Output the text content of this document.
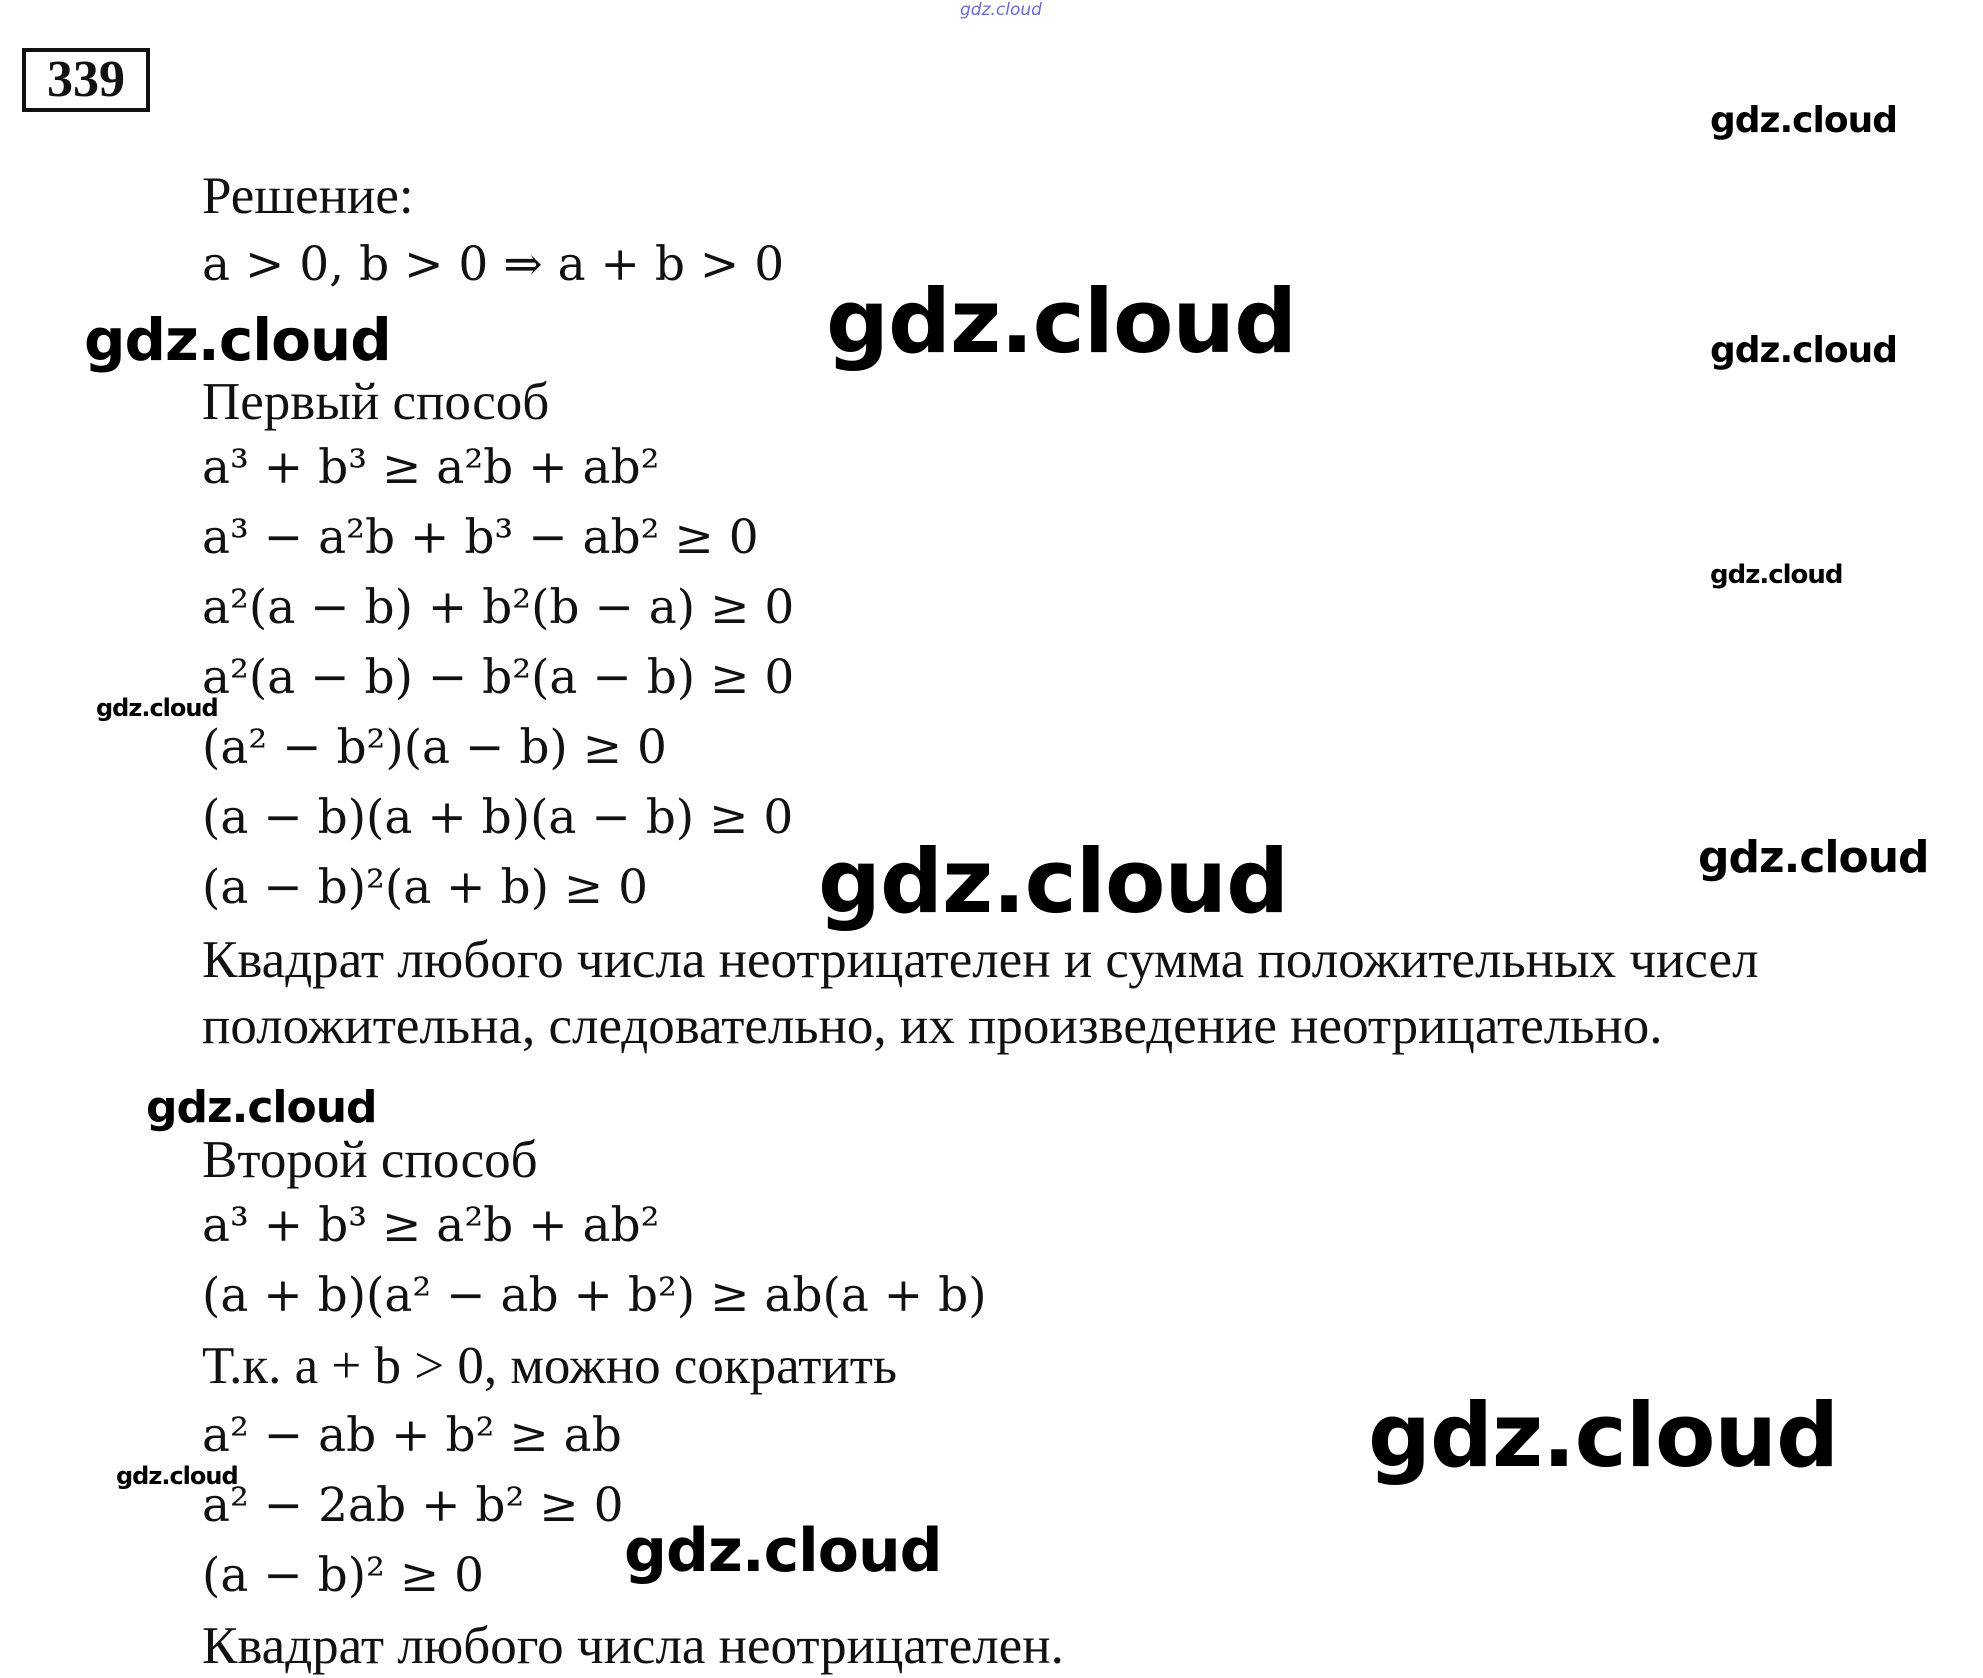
gdz.cloud
339
Решение:
a > 0, b > 0 ⇒ a + b > 0
Первый способ
a³ + b³ ≥ a²b + ab²
a³ − a²b + b³ − ab² ≥ 0
a²(a − b) + b²(b − a) ≥ 0
a²(a − b) − b²(a − b) ≥ 0
(a² − b²)(a − b) ≥ 0
(a − b)(a + b)(a − b) ≥ 0
(a − b)²(a + b) ≥ 0
Квадрат любого числа неотрицателен и сумма положительных чисел
положительна, следовательно, их произведение неотрицательно.
Второй способ
a³ + b³ ≥ a²b + ab²
(a + b)(a² − ab + b²) ≥ ab(a + b)
Т.к. a + b > 0, можно сократить
a² − ab + b² ≥ ab
a² − 2ab + b² ≥ 0
(a − b)² ≥ 0
Квадрат любого числа неотрицателен.
gdz.cloud
gdz.cloud
gdz.cloud
gdz.cloud
gdz.cloud
gdz.cloud
gdz.cloud
gdz.cloud
gdz.cloud
gdz.cloud
gdz.cloud
gdz.cloud
